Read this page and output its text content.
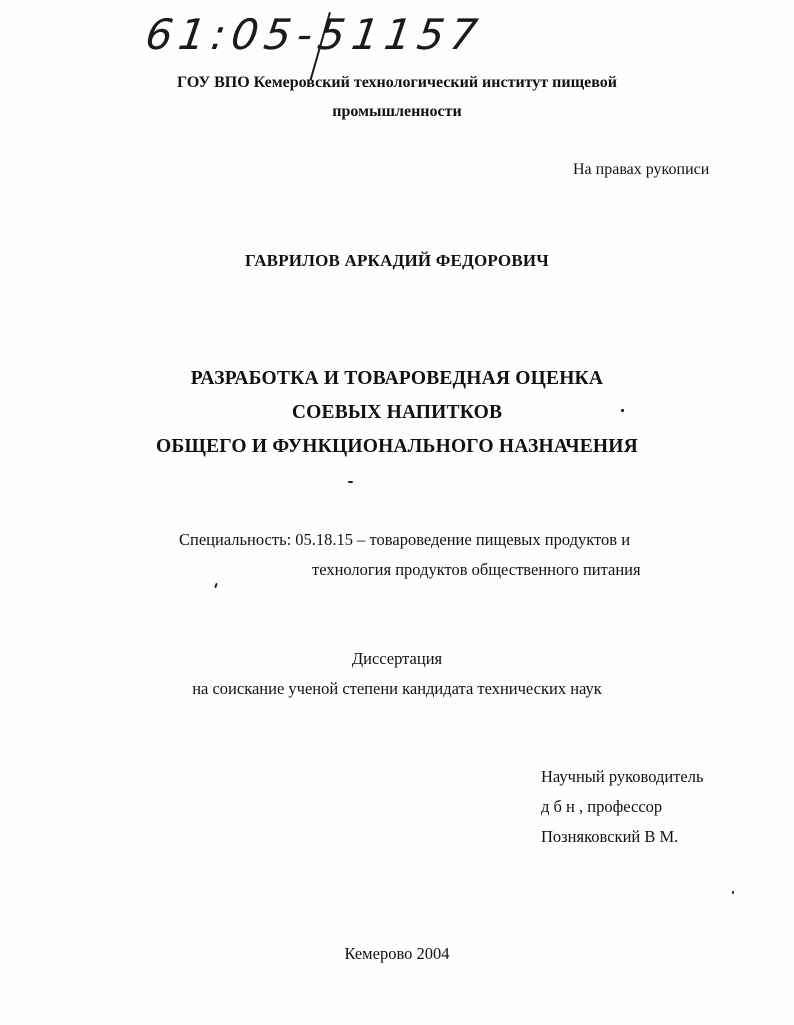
61:05-5
1157
ГОУ ВПО Кемеровский технологический институт пищевой
промышленности
На правах рукописи
ГАВРИЛОВ АРКАДИЙ ФЕДОРОВИЧ
РАЗРАБОТКА И ТОВАРОВЕДНАЯ ОЦЕНКА
СОЕВЫХ НАПИТКОВ
ОБЩЕГО И ФУНКЦИОНАЛЬНОГО НАЗНАЧЕНИЯ
Специальность: 05.18.15 – товароведение пищевых продуктов и
технология продуктов общественного питания
Диссертация
на соискание ученой степени кандидата технических наук
Научный руководитель
д б н , профессор
Позняковский В М.
Кемерово 2004
